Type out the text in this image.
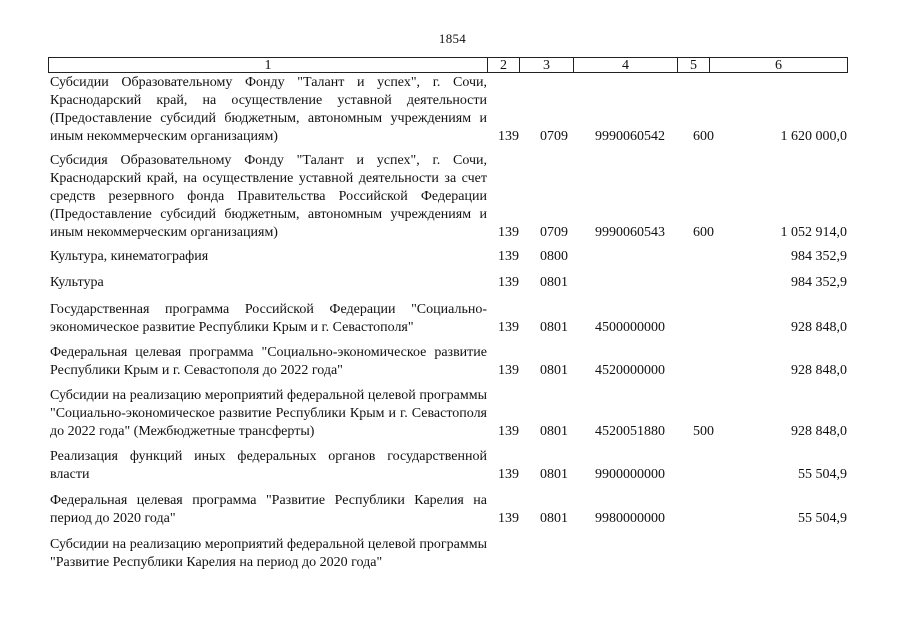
1854
1	2	3	4	5	6
Субсидии Образовательному Фонду "Талант и успех", г. Сочи, Краснодарский край, на осуществление уставной деятельности (Предоставление субсидий бюджетным, автономным учреждениям и иным некоммерческим организациям)	139 0709 9990060542 600	1 620 000,0
Субсидия Образовательному Фонду "Талант и успех", г. Сочи, Краснодарский край, на осуществление уставной деятельности за счет средств резервного фонда Правительства Российской Федерации (Предоставление субсидий бюджетным, автономным учреждениям и иным некоммерческим организациям)	139 0709 9990060543 600	1 052 914,0
Культура, кинематография	139 0800	984 352,9
Культура	139 0801	984 352,9
Государственная программа Российской Федерации "Социально-экономическое развитие Республики Крым и г. Севастополя"	139 0801 4500000000	928 848,0
Федеральная целевая программа "Социально-экономическое развитие Республики Крым и г. Севастополя до 2022 года"	139 0801 4520000000	928 848,0
Субсидии на реализацию мероприятий федеральной целевой программы "Социально-экономическое развитие Республики Крым и г. Севастополя до 2022 года" (Межбюджетные трансферты)	139 0801 4520051880 500	928 848,0
Реализация функций иных федеральных органов государственной власти	139 0801 9900000000	55 504,9
Федеральная целевая программа "Развитие Республики Карелия на период до 2020 года"	139 0801 9980000000	55 504,9
Субсидии на реализацию мероприятий федеральной целевой программы "Развитие Республики Карелия на период до 2020 года"
